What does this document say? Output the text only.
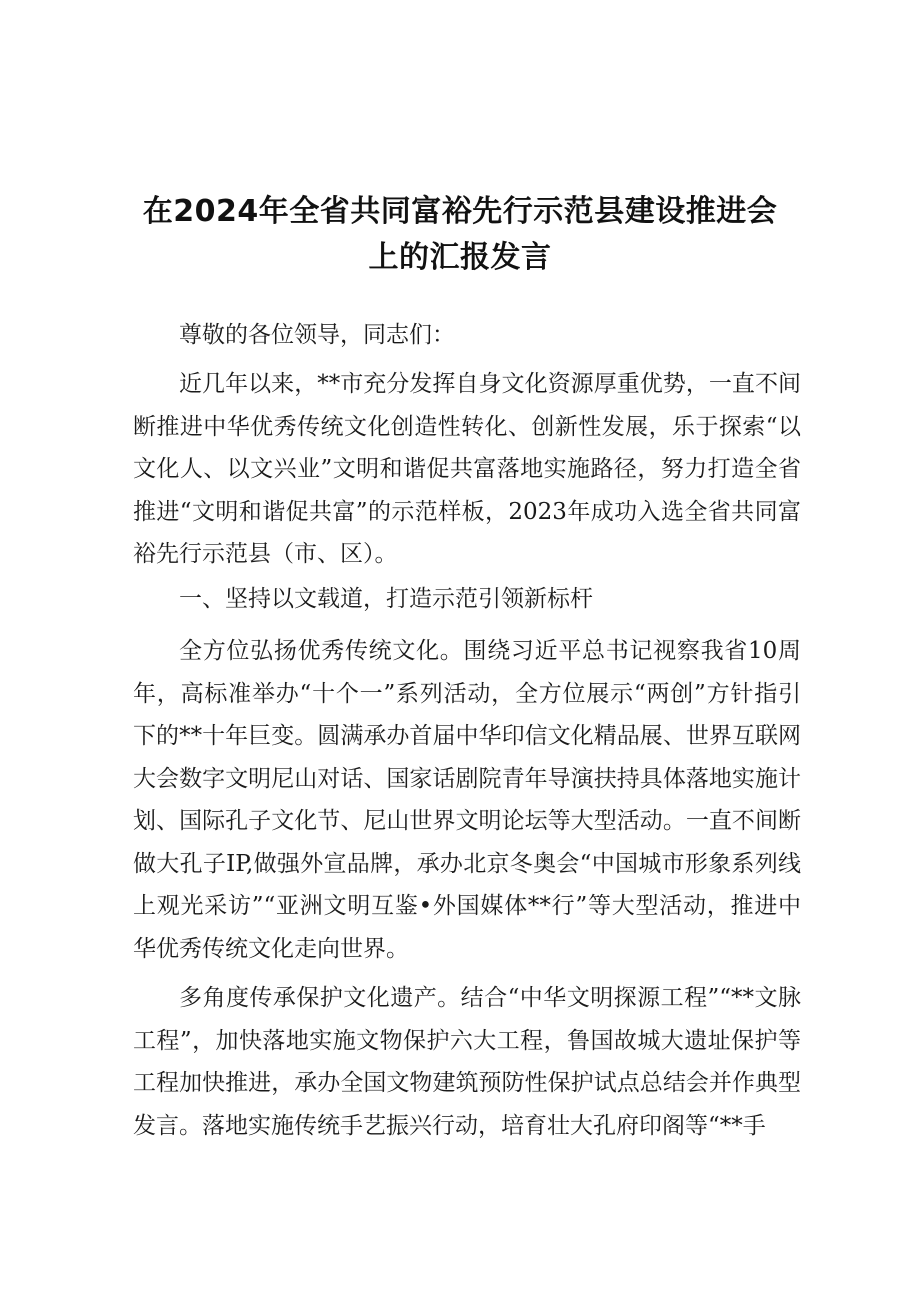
在2024年全省共同富裕先行示范县建设推进会
上的汇报发言

尊敬的各位领导，同志们：

近几年以来，**市充分发挥自身文化资源厚重优势，一直不间断推进中华优秀传统文化创造性转化、创新性发展，乐于探索“以文化人、以文兴业”文明和谐促共富落地实施路径，努力打造全省推进“文明和谐促共富”的示范样板，2023年成功入选全省共同富裕先行示范县（市、区）。

一、坚持以文载道，打造示范引领新标杆

全方位弘扬优秀传统文化。围绕习近平总书记视察我省10周年，高标准举办“十个一”系列活动，全方位展示“两创”方针指引下的**十年巨变。圆满承办首届中华印信文化精品展、世界互联网大会数字文明尼山对话、国家话剧院青年导演扶持具体落地实施计划、国际孔子文化节、尼山世界文明论坛等大型活动。一直不间断做大孔子IP,做强外宣品牌，承办北京冬奥会“中国城市形象系列线上观光采访”“亚洲文明互鉴•外国媒体**行”等大型活动，推进中华优秀传统文化走向世界。

多角度传承保护文化遗产。结合“中华文明探源工程”“**文脉工程”，加快落地实施文物保护六大工程，鲁国故城大遗址保护等工程加快推进，承办全国文物建筑预防性保护试点总结会并作典型发言。落地实施传统手艺振兴行动，培育壮大孔府印阁等“**手
